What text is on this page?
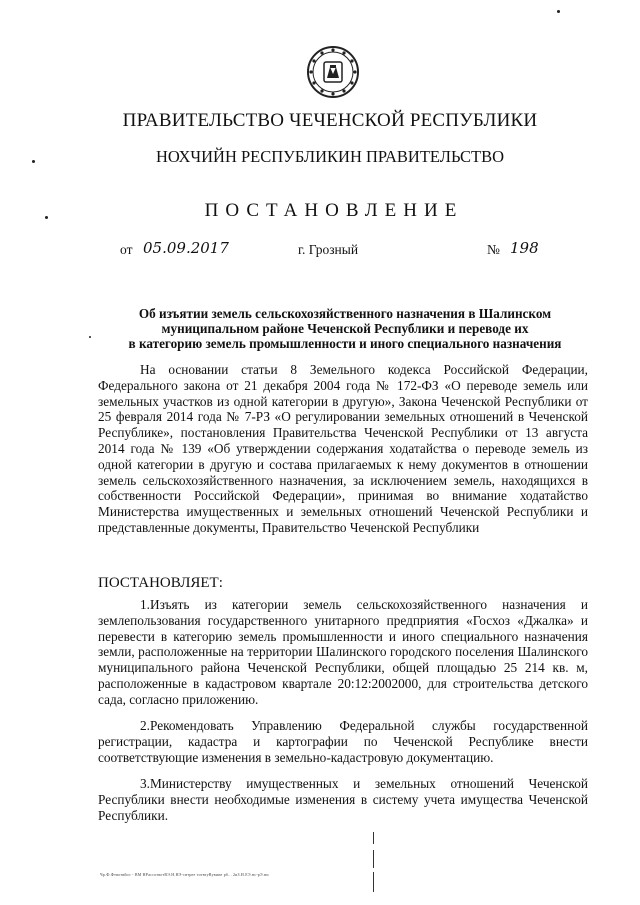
ПРАВИТЕЛЬСТВО ЧЕЧЕНСКОЙ РЕСПУБЛИКИ
НОХЧИЙН РЕСПУБЛИКИН ПРАВИТЕЛЬСТВО
ПОСТАНОВЛЕНИЕ
от 05.09.2017	г. Грозный	№ 198
Об изъятии земель сельскохозяйственного назначения в Шалинском
муниципальном районе Чеченской Республики и переводе их
в категорию земель промышленности и иного специального назначения
На основании статьи 8 Земельного кодекса Российской Федерации, Федерального закона от 21 декабря 2004 года № 172-ФЗ «О переводе земель или земельных участков из одной категории в другую», Закона Чеченской Республики от 25 февраля 2014 года № 7-РЗ «О регулировании земельных отношений в Чеченской Республике», постановления Правительства Чеченской Республики от 13 августа 2014 года № 139 «Об утверждении содержания ходатайства о переводе земель из одной категории в другую и состава прилагаемых к нему документов в отношении земель сельскохозяйственного назначения, за исключением земель, находящихся в собственности Российской Федерации», принимая во внимание ходатайство Министерства имущественных и земельных отношений Чеченской Республики и представленные документы, Правительство Чеченской Республики
ПОСТАНОВЛЯЕТ:
1.Изъять из категории земель сельскохозяйственного назначения и землепользования государственного унитарного предприятия «Госхоз «Джалка» и перевести в категорию земель промышленности и иного специального назначения земли, расположенные на территории Шалинского городского поселения Шалинского муниципального района Чеченской Республики, общей площадью 25 214 кв. м, расположенные в кадастровом квартале 20:12:2002000, для строительства детского сада, согласно приложению.
2.Рекомендовать Управлению Федеральной службы государственной регистрации, кадастра и картографии по Чеченской Республике внести соответствующие изменения в земельно-кадастровую документацию.
3.Министерству имущественных и земельных отношений Чеченской Республики внести необходимые изменения в систему учета имущества Чеченской Республики.
Чр.Ф.Фтвотвйос - ВМ НРассотвотВЭ.Н.НЭ-снтрее тотвтуВувиие рб... 2иЗ.Н.ЕЭ.нс-рЭ.ни
